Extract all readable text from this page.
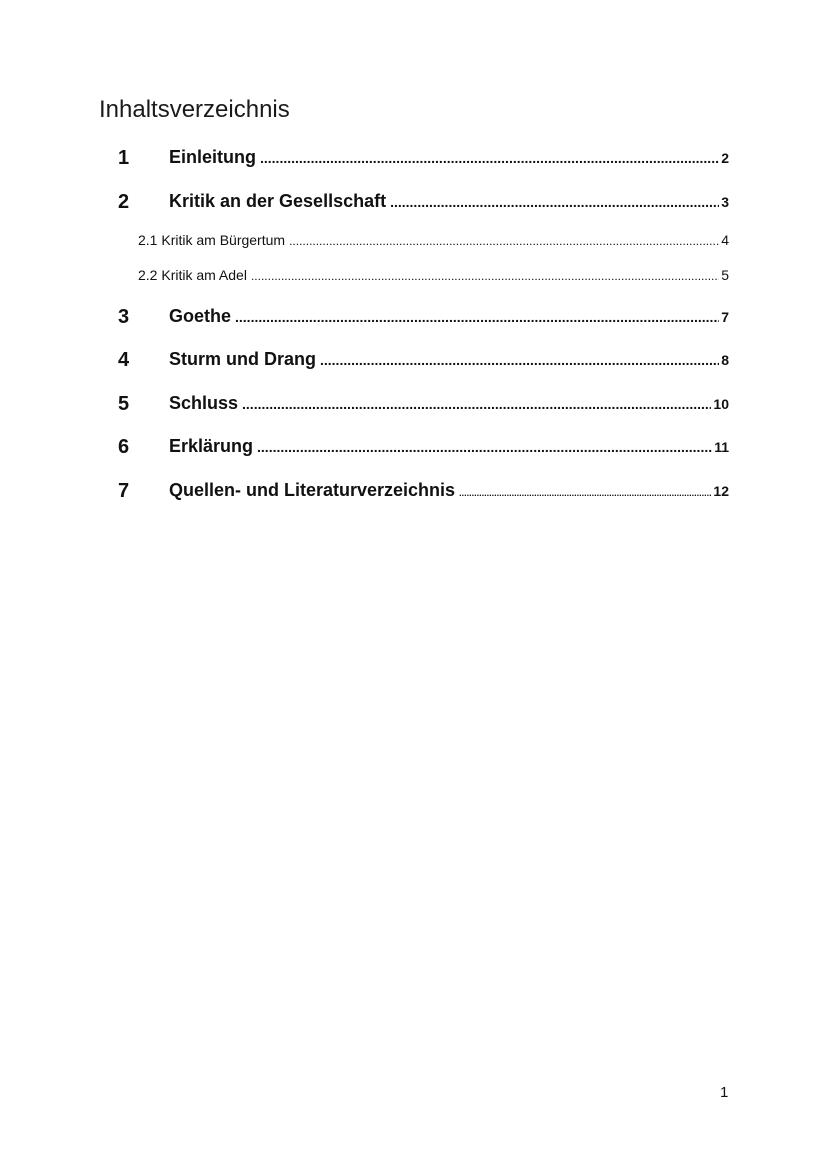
Inhaltsverzeichnis
1 Einleitung .....	2
2 Kritik an der Gesellschaft .....	3
2.1 Kritik am Bürgertum .....	4
2.2 Kritik am Adel .....	5
3 Goethe .....	7
4 Sturm und Drang .....	8
5 Schluss .....	10
6 Erklärung .....	11
7 Quellen- und Literaturverzeichnis .....	12
1
